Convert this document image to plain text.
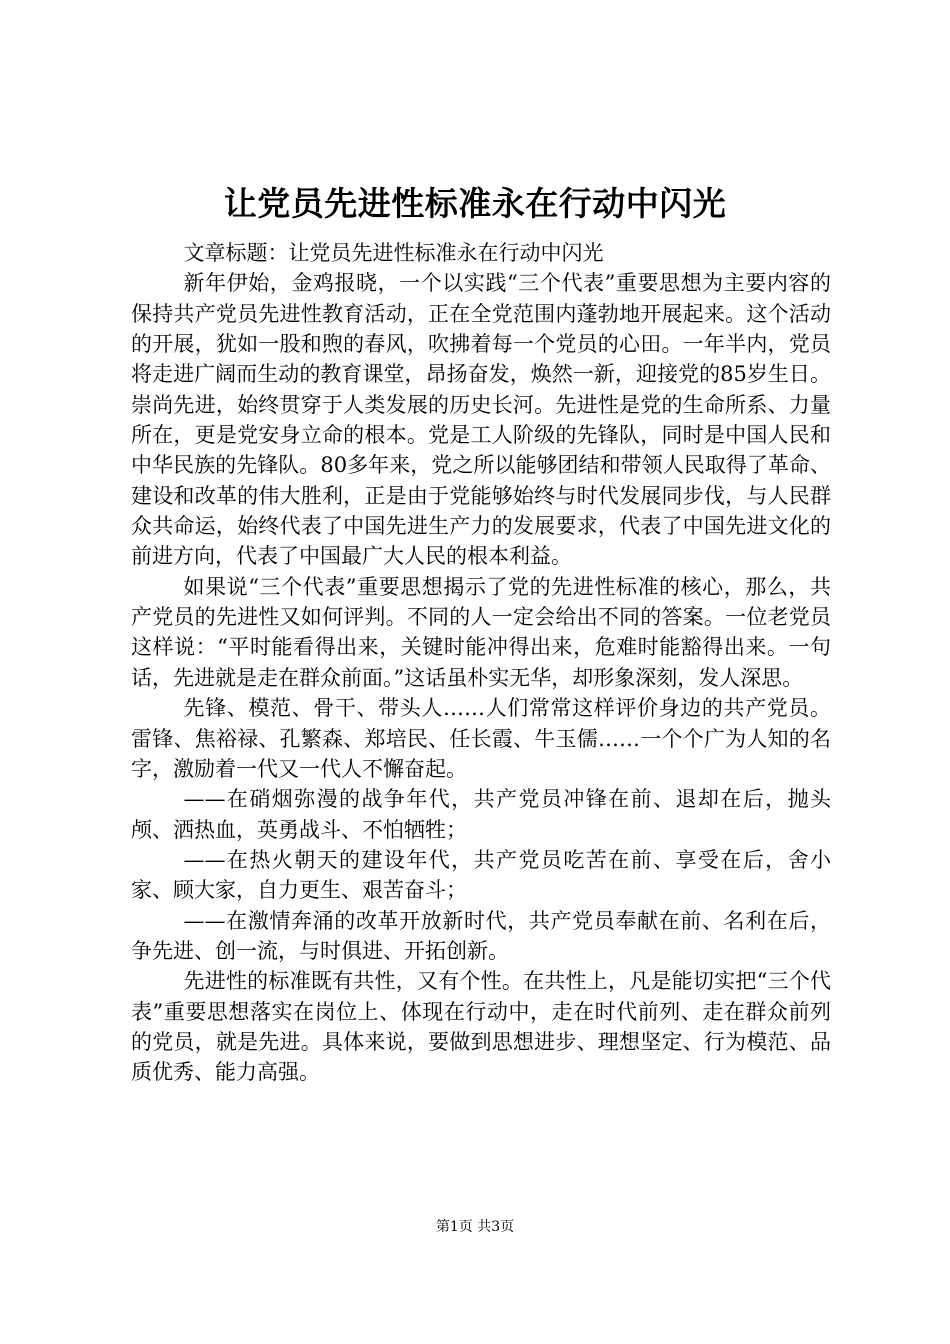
让党员先进性标准永在行动中闪光

文章标题：让党员先进性标准永在行动中闪光

新年伊始，金鸡报晓，一个以实践“三个代表”重要思想为主要内容的保持共产党员先进性教育活动，正在全党范围内蓬勃地开展起来。这个活动的开展，犹如一股和煦的春风，吹拂着每一个党员的心田。一年半内，党员将走进广阔而生动的教育课堂，昂扬奋发，焕然一新，迎接党的85岁生日。崇尚先进，始终贯穿于人类发展的历史长河。先进性是党的生命所系、力量所在，更是党安身立命的根本。党是工人阶级的先锋队，同时是中国人民和中华民族的先锋队。80多年来，党之所以能够团结和带领人民取得了革命、建设和改革的伟大胜利，正是由于党能够始终与时代发展同步伐，与人民群众共命运，始终代表了中国先进生产力的发展要求，代表了中国先进文化的前进方向，代表了中国最广大人民的根本利益。

如果说“三个代表”重要思想揭示了党的先进性标准的核心，那么，共产党员的先进性又如何评判。不同的人一定会给出不同的答案。一位老党员这样说：“平时能看得出来，关键时能冲得出来，危难时能豁得出来。一句话，先进就是走在群众前面。”这话虽朴实无华，却形象深刻，发人深思。

先锋、模范、骨干、带头人……人们常常这样评价身边的共产党员。雷锋、焦裕禄、孔繁森、郑培民、任长霞、牛玉儒……一个个广为人知的名字，激励着一代又一代人不懈奋起。

——在硝烟弥漫的战争年代，共产党员冲锋在前、退却在后，抛头颅、洒热血，英勇战斗、不怕牺牲；

——在热火朝天的建设年代，共产党员吃苦在前、享受在后，舍小家、顾大家，自力更生、艰苦奋斗；

——在激情奔涌的改革开放新时代，共产党员奉献在前、名利在后，争先进、创一流，与时俱进、开拓创新。

先进性的标准既有共性，又有个性。在共性上，凡是能切实把“三个代表”重要思想落实在岗位上、体现在行动中，走在时代前列、走在群众前列的党员，就是先进。具体来说，要做到思想进步、理想坚定、行为模范、品质优秀、能力高强。

第1页 共3页
